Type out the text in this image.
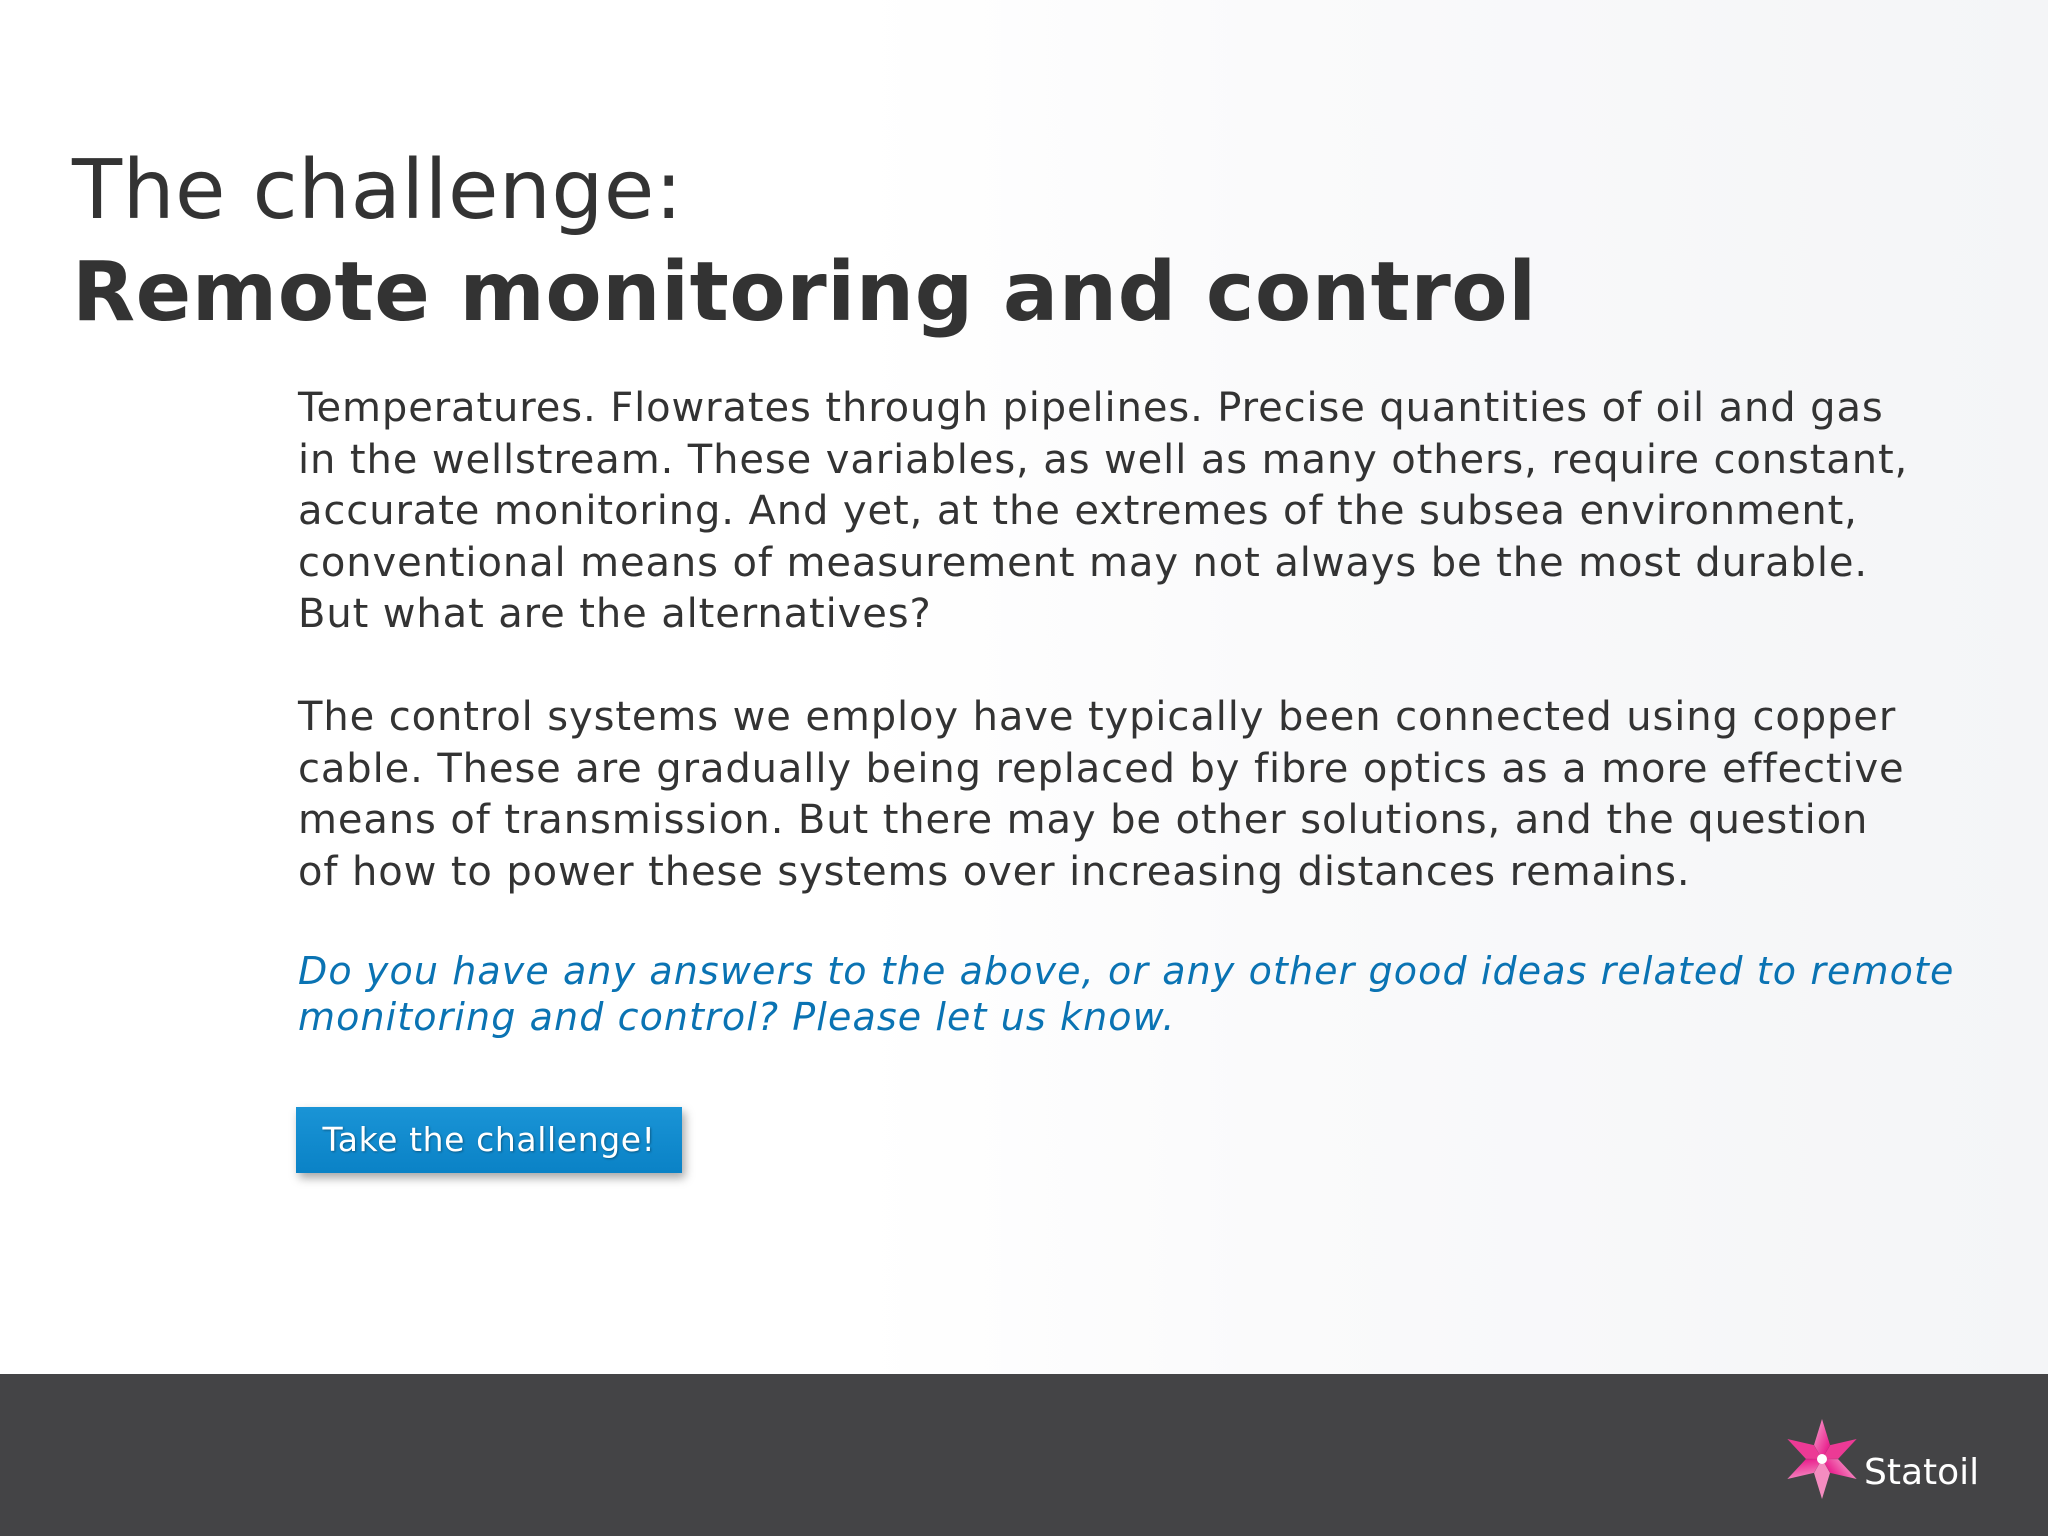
The challenge:
Remote monitoring and control
Temperatures. Flowrates through pipelines. Precise quantities of oil and gas
in the wellstream. These variables, as well as many others, require constant,
accurate monitoring. And yet, at the extremes of the subsea environment,
conventional means of measurement may not always be the most durable.
But what are the alternatives?
The control systems we employ have typically been connected using copper
cable. These are gradually being replaced by fibre optics as a more effective
means of transmission. But there may be other solutions, and the question
of how to power these systems over increasing distances remains.
Do you have any answers to the above, or any other good ideas related to remote
monitoring and control? Please let us know.
Take the challenge!
Statoil
